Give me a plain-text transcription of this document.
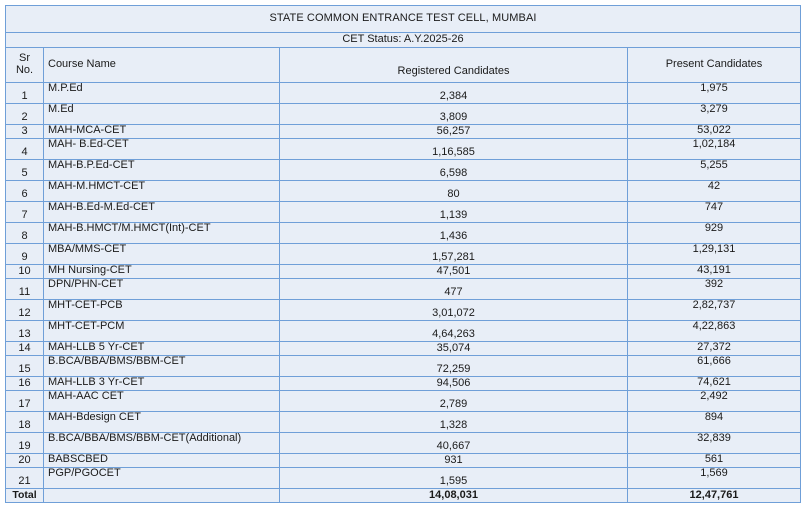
STATE COMMON ENTRANCE TEST CELL, MUMBAI			
CET Status: A.Y.2025-26			
Sr No.	Course Name	Registered Candidates	Present Candidates
1	M.P.Ed	2,384	1,975
2	M.Ed	3,809	3,279
3	MAH-MCA-CET	56,257	53,022
4	MAH- B.Ed-CET	1,16,585	1,02,184
5	MAH-B.P.Ed-CET	6,598	5,255
6	MAH-M.HMCT-CET	80	42
7	MAH-B.Ed-M.Ed-CET	1,139	747
8	MAH-B.HMCT/M.HMCT(Int)-CET	1,436	929
9	MBA/MMS-CET	1,57,281	1,29,131
10	MH Nursing-CET	47,501	43,191
11	DPN/PHN-CET	477	392
12	MHT-CET-PCB	3,01,072	2,82,737
13	MHT-CET-PCM	4,64,263	4,22,863
14	MAH-LLB 5 Yr-CET	35,074	27,372
15	B.BCA/BBA/BMS/BBM-CET	72,259	61,666
16	MAH-LLB 3 Yr-CET	94,506	74,621
17	MAH-AAC CET	2,789	2,492
18	MAH-Bdesign CET	1,328	894
19	B.BCA/BBA/BMS/BBM-CET(Additional)	40,667	32,839
20	BABSCBED	931	561
21	PGP/PGOCET	1,595	1,569
Total		14,08,031	12,47,761
